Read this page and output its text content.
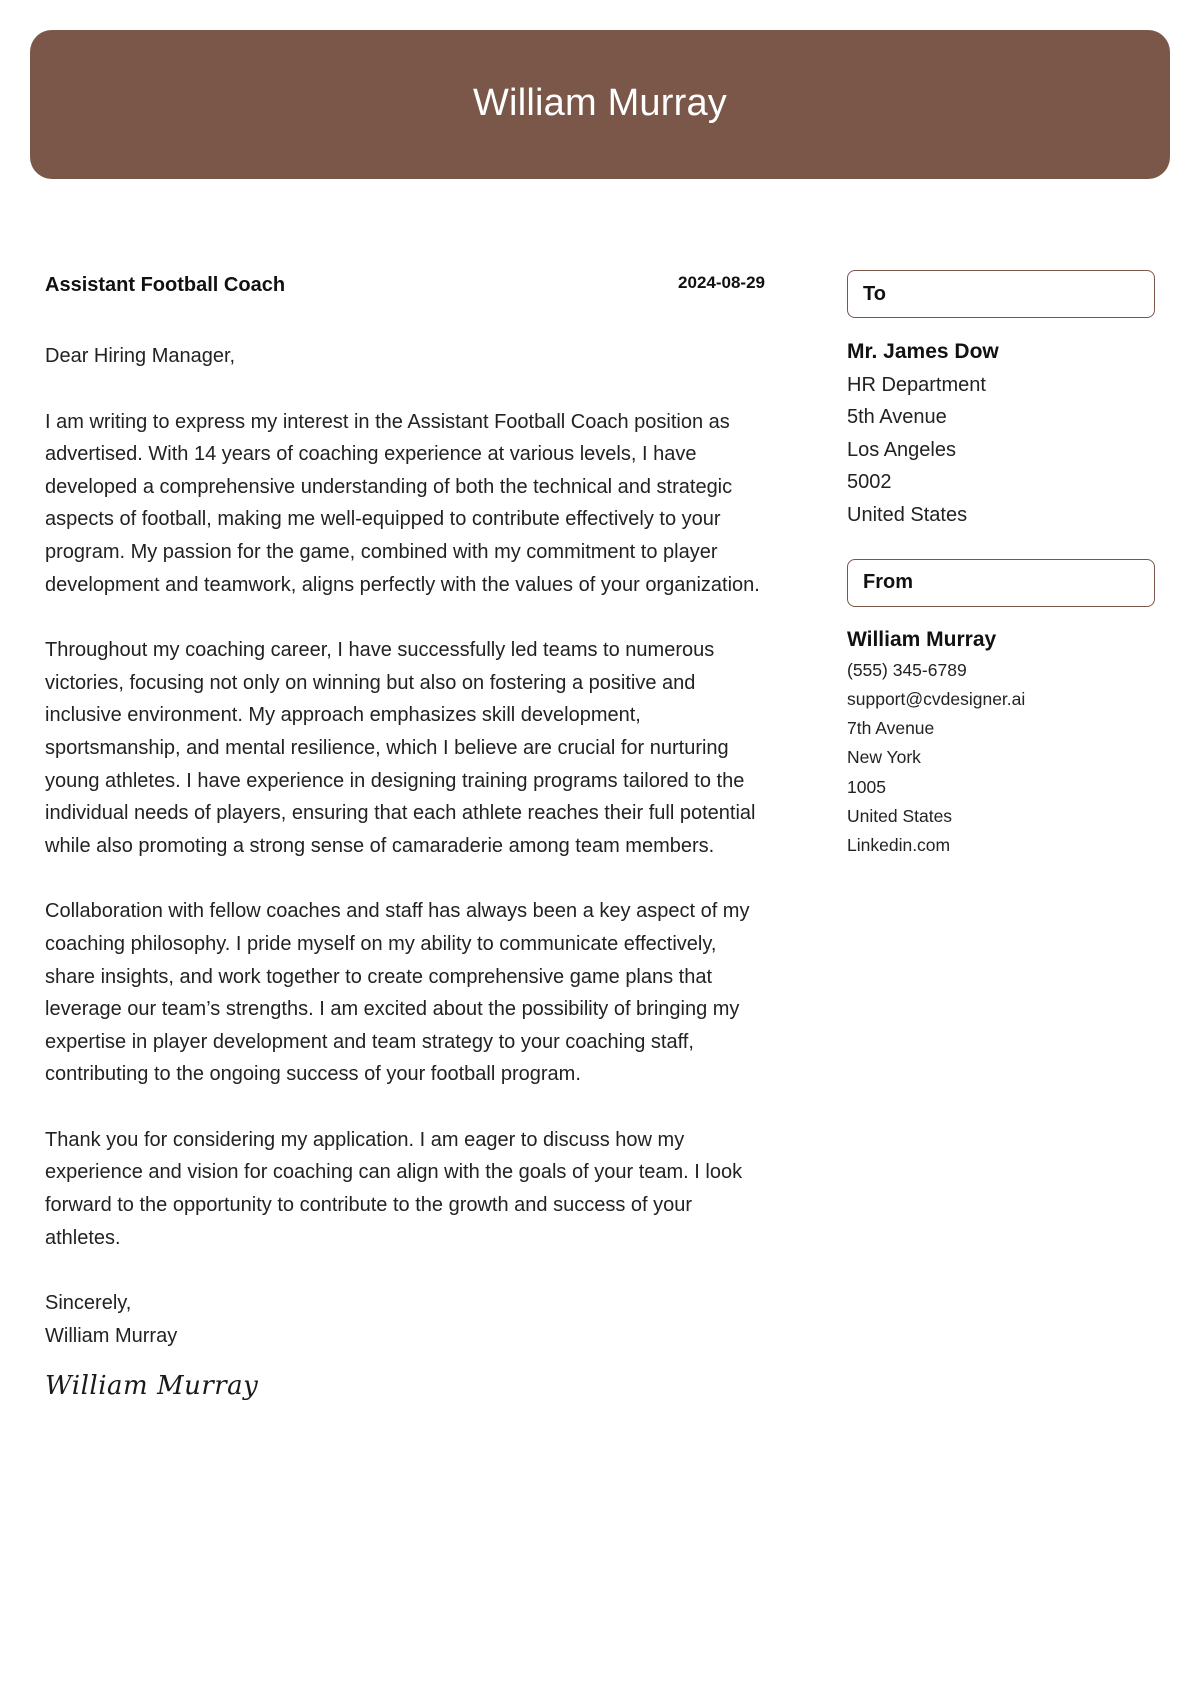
William Murray
Assistant Football Coach	2024-08-29
Dear Hiring Manager,

I am writing to express my interest in the Assistant Football Coach position as advertised. With 14 years of coaching experience at various levels, I have developed a comprehensive understanding of both the technical and strategic aspects of football, making me well-equipped to contribute effectively to your program. My passion for the game, combined with my commitment to player development and teamwork, aligns perfectly with the values of your organization.

Throughout my coaching career, I have successfully led teams to numerous victories, focusing not only on winning but also on fostering a positive and inclusive environment. My approach emphasizes skill development, sportsmanship, and mental resilience, which I believe are crucial for nurturing young athletes. I have experience in designing training programs tailored to the individual needs of players, ensuring that each athlete reaches their full potential while also promoting a strong sense of camaraderie among team members.

Collaboration with fellow coaches and staff has always been a key aspect of my coaching philosophy. I pride myself on my ability to communicate effectively, share insights, and work together to create comprehensive game plans that leverage our team’s strengths. I am excited about the possibility of bringing my expertise in player development and team strategy to your coaching staff, contributing to the ongoing success of your football program.

Thank you for considering my application. I am eager to discuss how my experience and vision for coaching can align with the goals of your team. I look forward to the opportunity to contribute to the growth and success of your athletes.

Sincerely,
William Murray
William Murray
To
Mr. James Dow
HR Department
5th Avenue
Los Angeles
5002
United States
From
William Murray
(555) 345-6789
support@cvdesigner.ai
7th Avenue
New York
1005
United States
Linkedin.com
